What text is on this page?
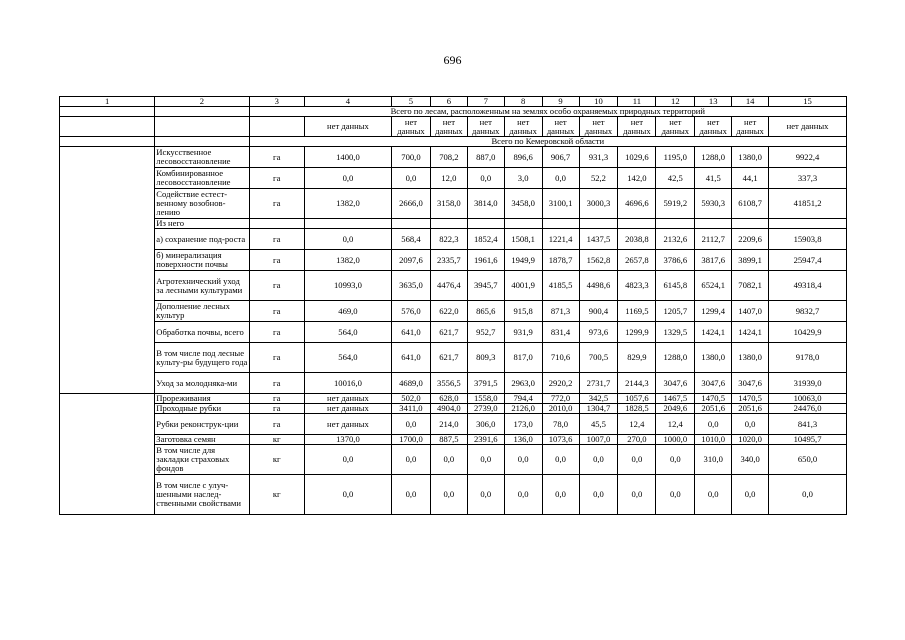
696
1	2	3	4	5	6	7	8	9	10	11	12	13	14	15
		Всего по лесам, расположенным на землях особо охраняемых природных территорий												
			нет данных	нет данных	нет данных	нет данных	нет данных	нет данных	нет данных	нет данных	нет данных	нет данных	нет данных	нет данных
		Всего по Кемеровской области												
	Искусственное лесовосстановление	га	1400,0	700,0	708,2	887,0	896,6	906,7	931,3	1029,6	1195,0	1288,0	1380,0	9922,4
	Комбинированное лесовосстановление	га	0,0	0,0	12,0	0,0	3,0	0,0	52,2	142,0	42,5	41,5	44,1	337,3
	Содействие естест-венному возобнов-лению	га	1382,0	2666,0	3158,0	3814,0	3458,0	3100,1	3000,3	4696,6	5919,2	5930,3	6108,7	41851,2
	Из него													
	а) сохранение под-роста	га	0,0	568,4	822,3	1852,4	1508,1	1221,4	1437,5	2038,8	2132,6	2112,7	2209,6	15903,8
	б) минерализация поверхности почвы	га	1382,0	2097,6	2335,7	1961,6	1949,9	1878,7	1562,8	2657,8	3786,6	3817,6	3899,1	25947,4
	Агротехнический уход за лесными культурами	га	10993,0	3635,0	4476,4	3945,7	4001,9	4185,5	4498,6	4823,3	6145,8	6524,1	7082,1	49318,4
	Дополнение лесных культур	га	469,0	576,0	622,0	865,6	915,8	871,3	900,4	1169,5	1205,7	1299,4	1407,0	9832,7
	Обработка почвы, всего	га	564,0	641,0	621,7	952,7	931,9	831,4	973,6	1299,9	1329,5	1424,1	1424,1	10429,9
	В том числе под лесные культу-ры будущего года	га	564,0	641,0	621,7	809,3	817,0	710,6	700,5	829,9	1288,0	1380,0	1380,0	9178,0
	Уход за молодняка-ми	га	10016,0	4689,0	3556,5	3791,5	2963,0	2920,2	2731,7	2144,3	3047,6	3047,6	3047,6	31939,0
	Прореживания	га	нет данных	502,0	628,0	1558,0	794,4	772,0	342,5	1057,6	1467,5	1470,5	1470,5	10063,0
	Проходные рубки	га	нет данных	3411,0	4904,0	2739,0	2126,0	2010,0	1304,7	1828,5	2049,6	2051,6	2051,6	24476,0
	Рубки реконструк-ции	га	нет данных	0,0	214,0	306,0	173,0	78,0	45,5	12,4	12,4	0,0	0,0	841,3
	Заготовка семян	кг	1370,0	1700,0	887,5	2391,6	136,0	1073,6	1007,0	270,0	1000,0	1010,0	1020,0	10495,7
	В том числе для закладки страховых фондов	кг	0,0	0,0	0,0	0,0	0,0	0,0	0,0	0,0	0,0	310,0	340,0	650,0
	В том числе с улуч-шенными наслед-ственными свойствами	кг	0,0	0,0	0,0	0,0	0,0	0,0	0,0	0,0	0,0	0,0	0,0	0,0
